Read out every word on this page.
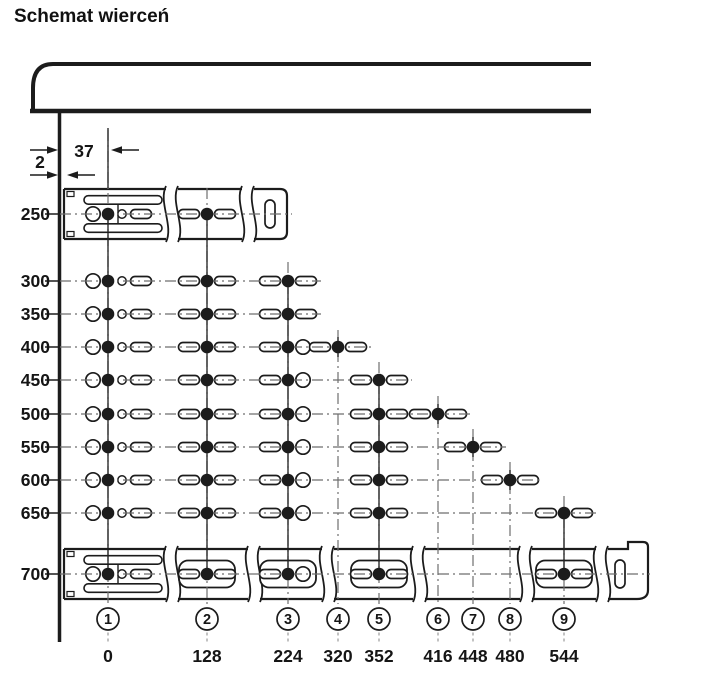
Schemat wierceń
37
2
250
300
350
400
450
500
550
600
650
700
1
0
2
128
3
224
4
320
5
352
6
416
7
448
8
480
9
544
